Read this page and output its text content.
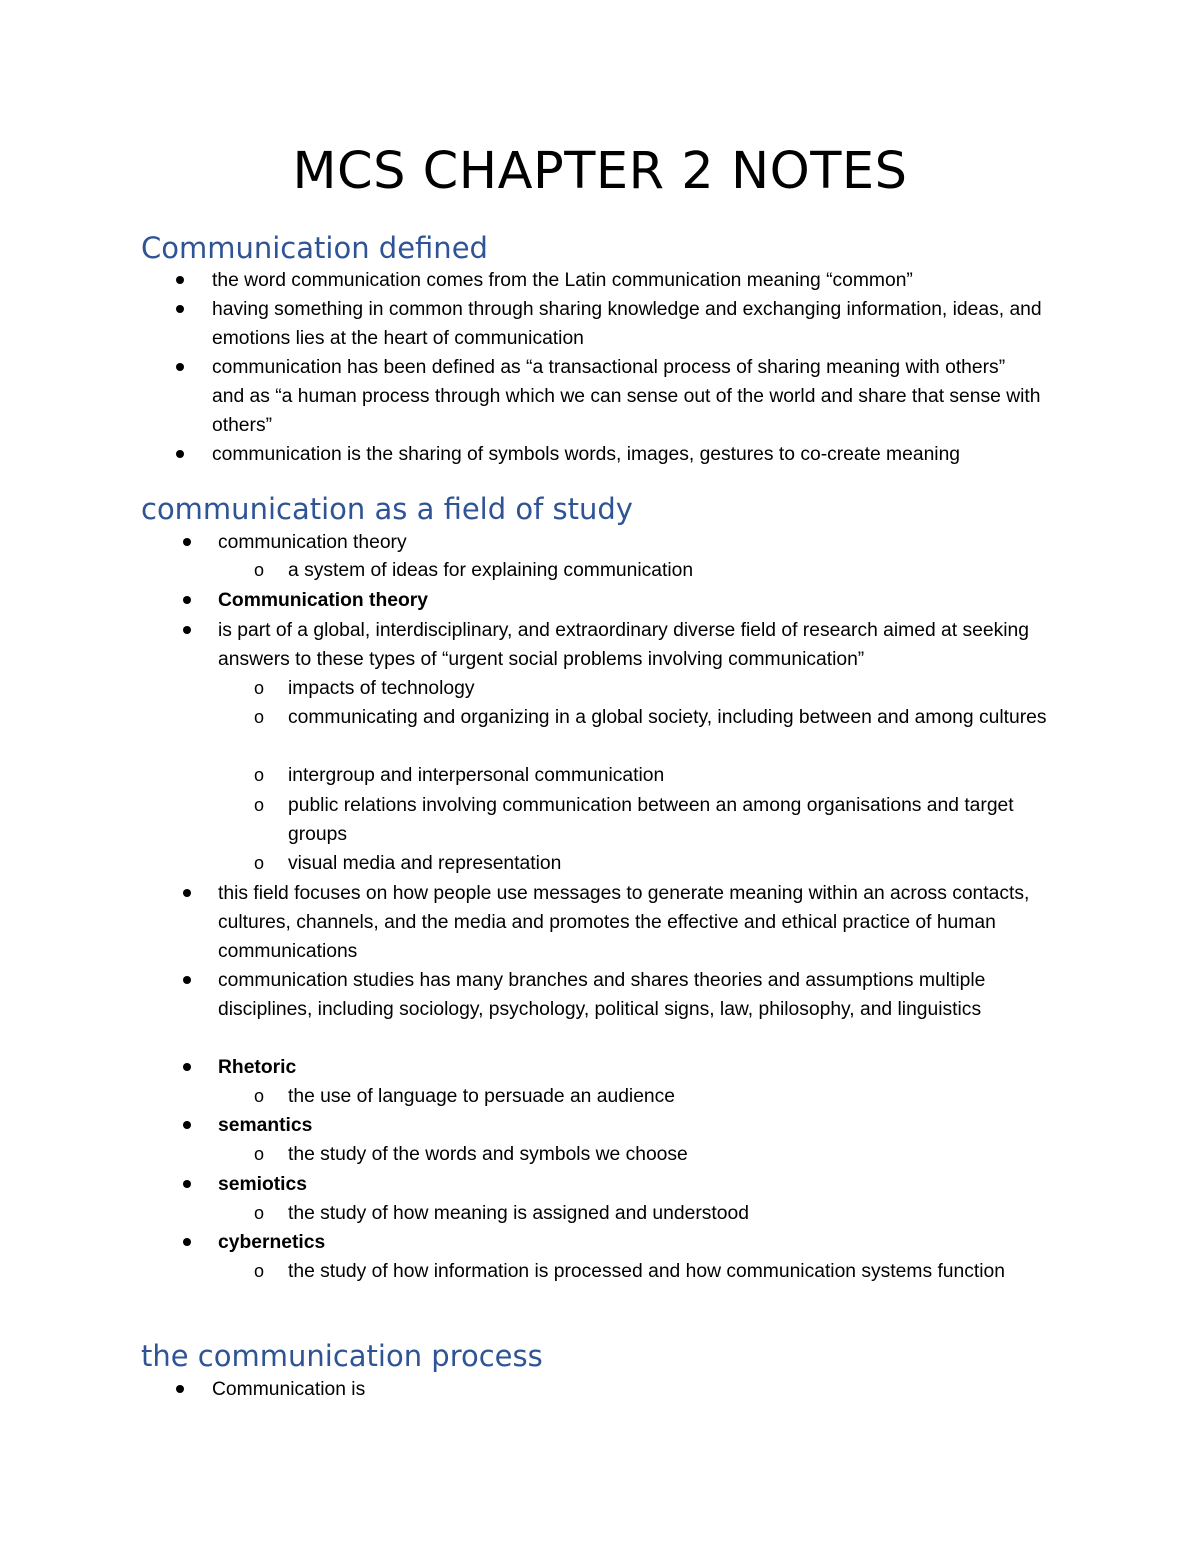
MCS CHAPTER 2 NOTES
Communication defined
the word communication comes from the Latin communication meaning “common”
having something in common through sharing knowledge and exchanging information, ideas, and emotions lies at the heart of communication
communication has been defined as “a transactional process of sharing meaning with others” and as “a human process through which we can sense out of the world and share that sense with others”
communication is the sharing of symbols words, images, gestures to co-create meaning
communication as a field of study
communication theory
o a system of ideas for explaining communication
Communication theory
is part of a global, interdisciplinary, and extraordinary diverse field of research aimed at seeking answers to these types of “urgent social problems involving communication”
o impacts of technology
o communicating and organizing in a global society, including between and among cultures
o intergroup and interpersonal communication
o public relations involving communication between an among organisations and target groups
o visual media and representation
this field focuses on how people use messages to generate meaning within an across contacts, cultures, channels, and the media and promotes the effective and ethical practice of human communications
communication studies has many branches and shares theories and assumptions multiple disciplines, including sociology, psychology, political signs, law, philosophy, and linguistics
Rhetoric
o the use of language to persuade an audience
semantics
o the study of the words and symbols we choose
semiotics
o the study of how meaning is assigned and understood
cybernetics
o the study of how information is processed and how communication systems function
the communication process
Communication is
